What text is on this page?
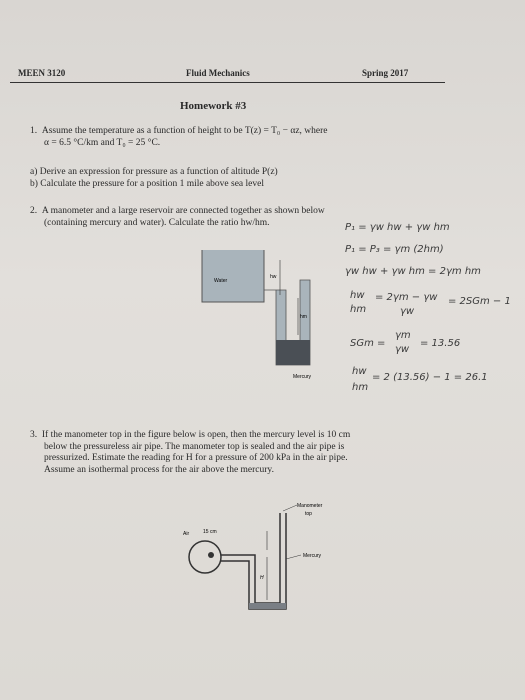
MEEN 3120	Fluid Mechanics	Spring 2017
Homework #3
1. Assume the temperature as a function of height to be T(z) = T₀ − αz, where
α = 6.5 °C/km and T₀ = 25 °C.
a) Derive an expression for pressure as a function of altitude P(z)
b) Calculate the pressure for a position 1 mile above sea level
2. A manometer and a large reservoir are connected together as shown below
(containing mercury and water). Calculate the ratio hw/hm.
Water
hw
hm
Mercury
P₁ = γw hw + γw hm
P₁ = P₃ = γm (2hm)
γw hw + γw hm = 2γm hm
hw = 2γm − γw
hm	γw
= 2SGm − 1
SGm =
γm
γw
= 13.56
hw
= 2 (13.56) − 1 = 26.1
hm
3. If the manometer top in the figure below is open, then the mercury level is 10 cm
below the pressureless air pipe. The manometer top is sealed and the air pipe is
pressurized. Estimate the reading for H for a pressure of 200 kPa in the air pipe.
Assume an isothermal process for the air above the mercury.
Air	15 cm
H
Manometer
top
Mercury
